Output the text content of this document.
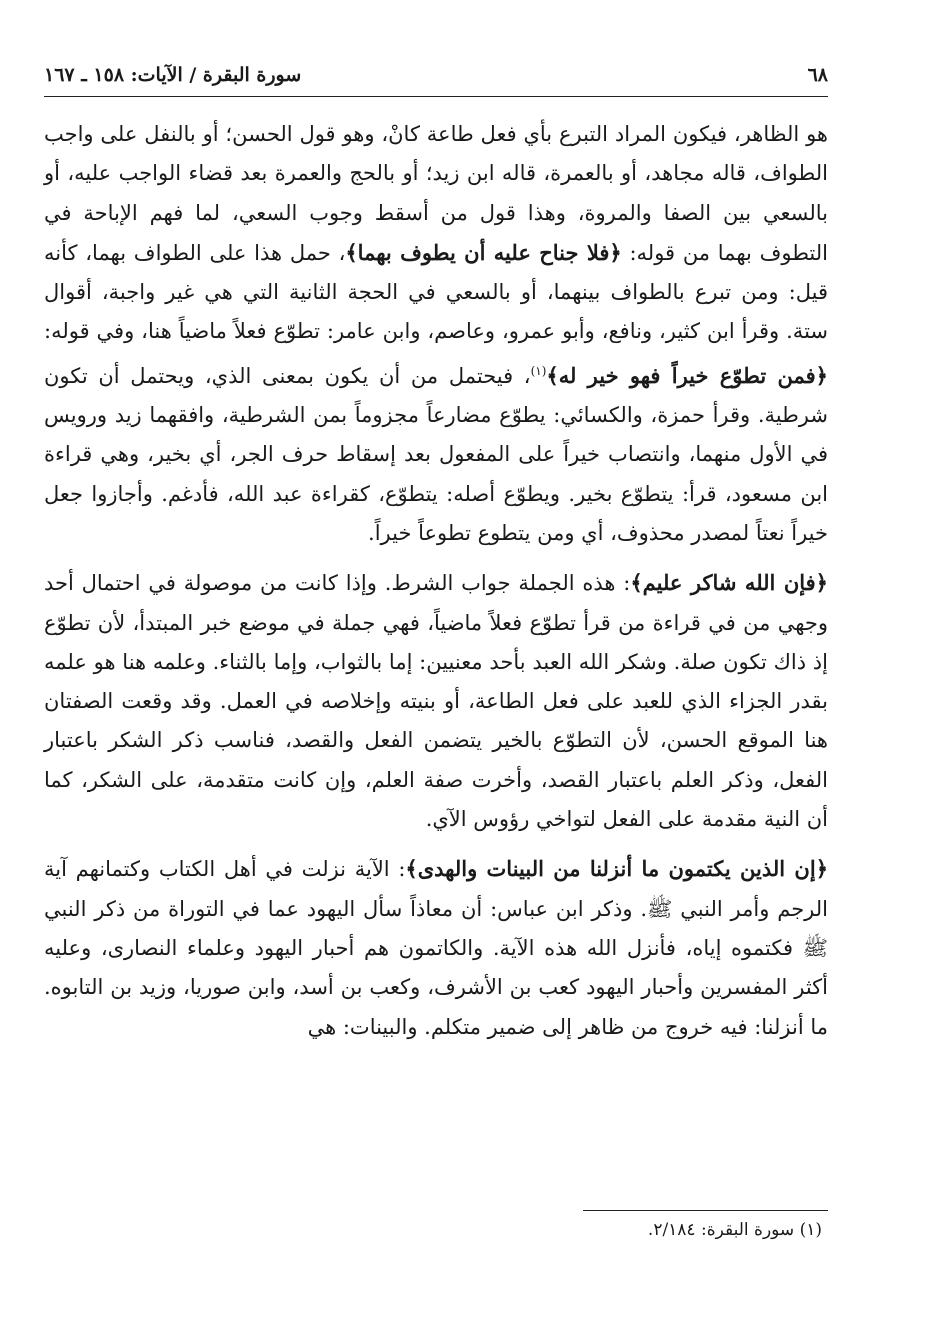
٦٨
سورة البقرة / الآيات: ١٥٨ ـ ١٦٧

هو الظاهر، فيكون المراد التبرع بأي فعل طاعة كانْ، وهو قول الحسن؛ أو بالنفل على واجب الطواف، قاله مجاهد، أو بالعمرة، قاله ابن زيد؛ أو بالحج والعمرة بعد قضاء الواجب عليه، أو بالسعي بين الصفا والمروة، وهذا قول من أسقط وجوب السعي، لما فهم الإباحة في التطوف بهما من قوله: ﴿فلا جناح عليه أن يطوف بهما﴾، حمل هذا على الطواف بهما، كأنه قيل: ومن تبرع بالطواف بينهما، أو بالسعي في الحجة الثانية التي هي غير واجبة، أقوال ستة. وقرأ ابن كثير، ونافع، وأبو عمرو، وعاصم، وابن عامر: تطوّع فعلاً ماضياً هنا، وفي قوله: ﴿فمن تطوّع خيراً فهو خير له﴾$^{(١)}$، فيحتمل من أن يكون بمعنى الذي، ويحتمل أن تكون شرطية. وقرأ حمزة، والكسائي: يطوّع مضارعاً مجزوماً بمن الشرطية، وافقهما زيد ورويس في الأول منهما، وانتصاب خيراً على المفعول بعد إسقاط حرف الجر، أي بخير، وهي قراءة ابن مسعود، قرأ: يتطوّع بخير. ويطوّع أصله: يتطوّع، كقراءة عبد الله، فأدغم. وأجازوا جعل خيراً نعتاً لمصدر محذوف، أي ومن يتطوع تطوعاً خيراً.

﴿فإن الله شاكر عليم﴾: هذه الجملة جواب الشرط. وإذا كانت من موصولة في احتمال أحد وجهي من في قراءة من قرأ تطوّع فعلاً ماضياً، فهي جملة في موضع خبر المبتدأ، لأن تطوّع إذ ذاك تكون صلة. وشكر الله العبد بأحد معنيين: إما بالثواب، وإما بالثناء. وعلمه هنا هو علمه بقدر الجزاء الذي للعبد على فعل الطاعة، أو بنيته وإخلاصه في العمل. وقد وقعت الصفتان هنا الموقع الحسن، لأن التطوّع بالخير يتضمن الفعل والقصد، فناسب ذكر الشكر باعتبار الفعل، وذكر العلم باعتبار القصد، وأخرت صفة العلم، وإن كانت متقدمة، على الشكر، كما أن النية مقدمة على الفعل لتواخي رؤوس الآي.

﴿إن الذين يكتمون ما أنزلنا من البينات والهدى﴾: الآية نزلت في أهل الكتاب وكتمانهم آية الرجم وأمر النبي ﷺ. وذكر ابن عباس: أن معاذاً سأل اليهود عما في التوراة من ذكر النبي ﷺ فكتموه إياه، فأنزل الله هذه الآية. والكاتمون هم أحبار اليهود وعلماء النصارى، وعليه أكثر المفسرين وأحبار اليهود كعب بن الأشرف، وكعب بن أسد، وابن صوريا، وزيد بن التابوه. ما أنزلنا: فيه خروج من ظاهر إلى ضمير متكلم. والبينات: هي

(١) سورة البقرة: ٢/١٨٤.
